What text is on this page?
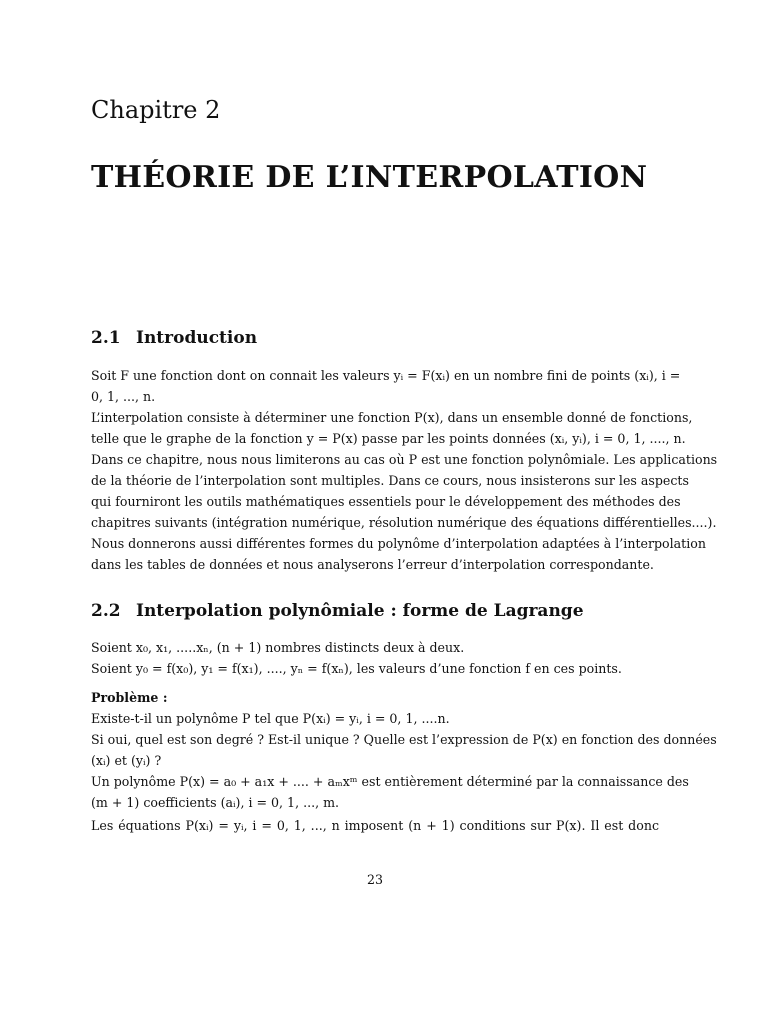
Chapitre 2
THÉORIE DE L’INTERPOLATION
2.1 Introduction
Soit F une fonction dont on connait les valeurs yᵢ = F(xᵢ) en un nombre fini de points (xᵢ), i =
0, 1, ..., n.
L’interpolation consiste à déterminer une fonction P(x), dans un ensemble donné de fonctions,
telle que le graphe de la fonction y = P(x) passe par les points données (xᵢ, yᵢ), i = 0, 1, ...., n.
Dans ce chapitre, nous nous limiterons au cas où P est une fonction polynômiale. Les applications
de la théorie de l’interpolation sont multiples. Dans ce cours, nous insisterons sur les aspects
qui fourniront les outils mathématiques essentiels pour le développement des méthodes des
chapitres suivants (intégration numérique, résolution numérique des équations différentielles....).
Nous donnerons aussi différentes formes du polynôme d’interpolation adaptées à l’interpolation
dans les tables de données et nous analyserons l’erreur d’interpolation correspondante.
2.2 Interpolation polynômiale : forme de Lagrange
Soient x₀, x₁, .....xₙ, (n + 1) nombres distincts deux à deux.
Soient y₀ = f(x₀), y₁ = f(x₁), ...., yₙ = f(xₙ), les valeurs d’une fonction f en ces points.
Problème :
Existe-t-il un polynôme P tel que P(xᵢ) = yᵢ, i = 0, 1, ....n.
Si oui, quel est son degré ? Est-il unique ? Quelle est l’expression de P(x) en fonction des données
(xᵢ) et (yᵢ) ?
Un polynôme P(x) = a₀ + a₁x + .... + aₘxᵐ est entièrement déterminé par la connaissance des
(m + 1) coefficients (aᵢ), i = 0, 1, ..., m.
Les équations P(xᵢ) = yᵢ, i = 0, 1, ..., n imposent (n + 1) conditions sur P(x). Il est donc
23
